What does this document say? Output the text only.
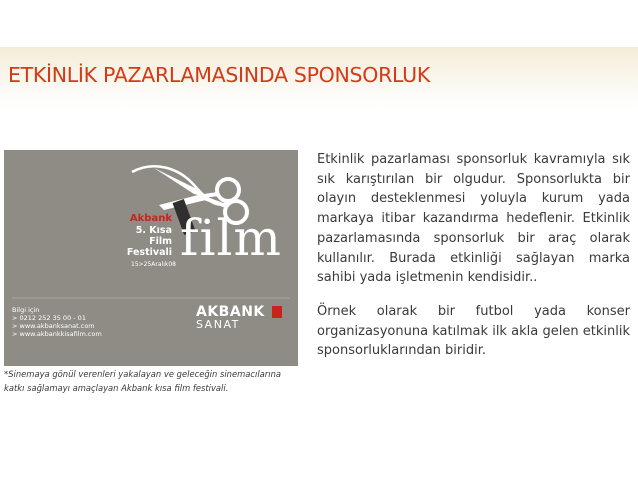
ETKİNLİK PAZARLAMASINDA SPONSORLUK
Akbank
5. Kısa Film
Festivali
15>25Aralık08 film
Bilgi için
> 0212 252 35 00 - 01
> www.akbanksanat.com
> www.akbankkisafilm.com
AKBANK
SANAT

*Sinemaya gönül verenleri yakalayan ve geleceğin sinemacılarına katkı sağlamayı amaçlayan Akbank kısa film festivali.

Etkinlik pazarlaması sponsorluk kavramıyla sık sık karıştırılan bir olgudur. Sponsorlukta bir olayın desteklenmesi yoluyla kurum yada markaya itibar kazandırma hedeflenir. Etkinlik pazarlamasında sponsorluk bir araç olarak kullanılır. Burada etkinliği sağlayan marka sahibi yada işletmenin kendisidir..

Örnek olarak bir futbol yada konser organizasyonuna katılmak ilk akla gelen etkinlik sponsorluklarından biridir.
